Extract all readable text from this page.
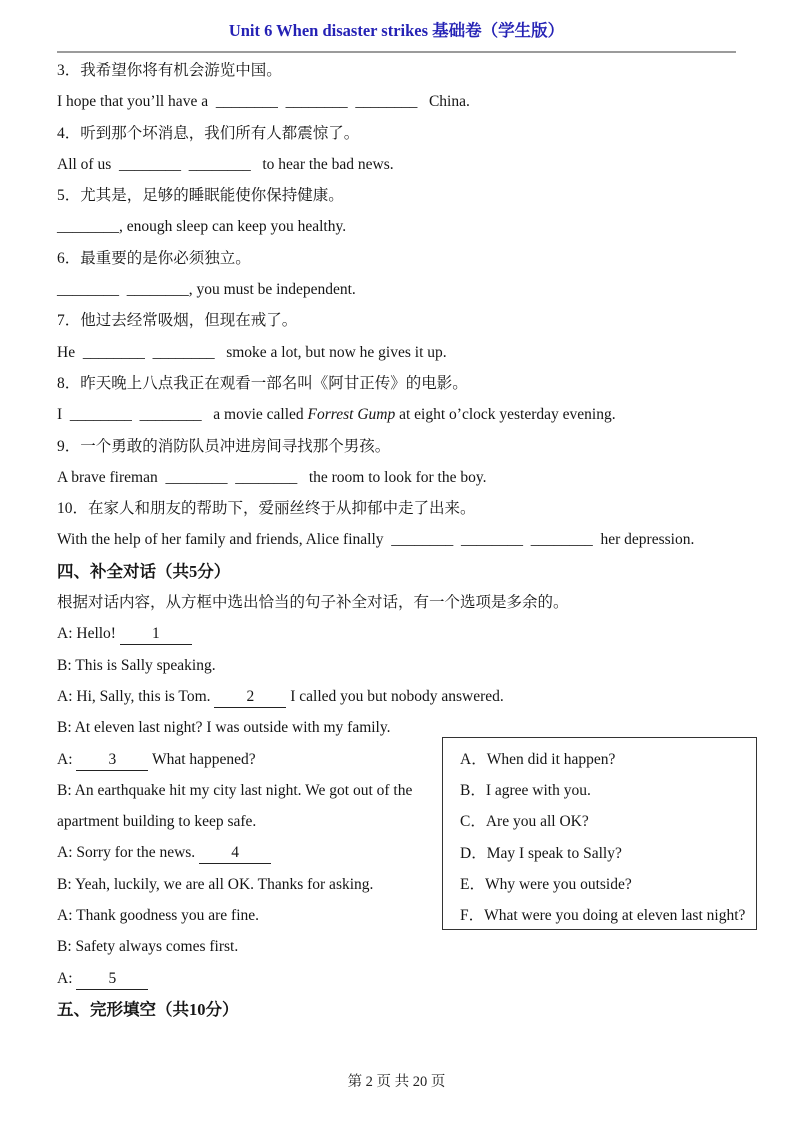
Unit 6 When disaster strikes 基础卷（学生版）
3．我希望你将有机会游览中国。
I hope that you’ll have a  ________  ________  ________   China.
4．听到那个坏消息，我们所有人都震惊了。
All of us  ________  ________   to hear the bad news.
5．尤其是，足够的睡眠能使你保持健康。
________, enough sleep can keep you healthy.
6．最重要的是你必须独立。
________  ________, you must be independent.
7．他过去经常吸烟，但现在戒了。
He  ________  ________   smoke a lot, but now he gives it up.
8．昨天晚上八点我正在观看一部名叫《阿甘正传》的电影。
I  ________  ________   a movie called Forrest Gump at eight o’clock yesterday evening.
9．一个勇敢的消防队员冲进房间寻找那个男孩。
A brave fireman  ________  ________   the room to look for the boy.
10．在家人和朋友的帮助下，爱丽丝终于从抑郁中走了出来。
With the help of her family and friends, Alice finally  ________  ________  ________  her depression.
四、补全对话（共5分）
根据对话内容，从方框中选出恰当的句子补全对话，有一个选项是多余的。
A: Hello! 1
B: This is Sally speaking.
A: Hi, Sally, this is Tom. 2 I called you but nobody answered.
B: At eleven last night? I was outside with my family.
A: 3 What happened?
B: An earthquake hit my city last night. We got out of the
apartment building to keep safe.
A: Sorry for the news. 4
B: Yeah, luckily, we are all OK. Thanks for asking.
A: Thank goodness you are fine.
B: Safety always comes first.
A: 5
五、完形填空（共10分）
A．When did it happen?
B．I agree with you.
C．Are you all OK?
D．May I speak to Sally?
E．Why were you outside?
F．What were you doing at eleven last night?
第 2 页 共 20 页
